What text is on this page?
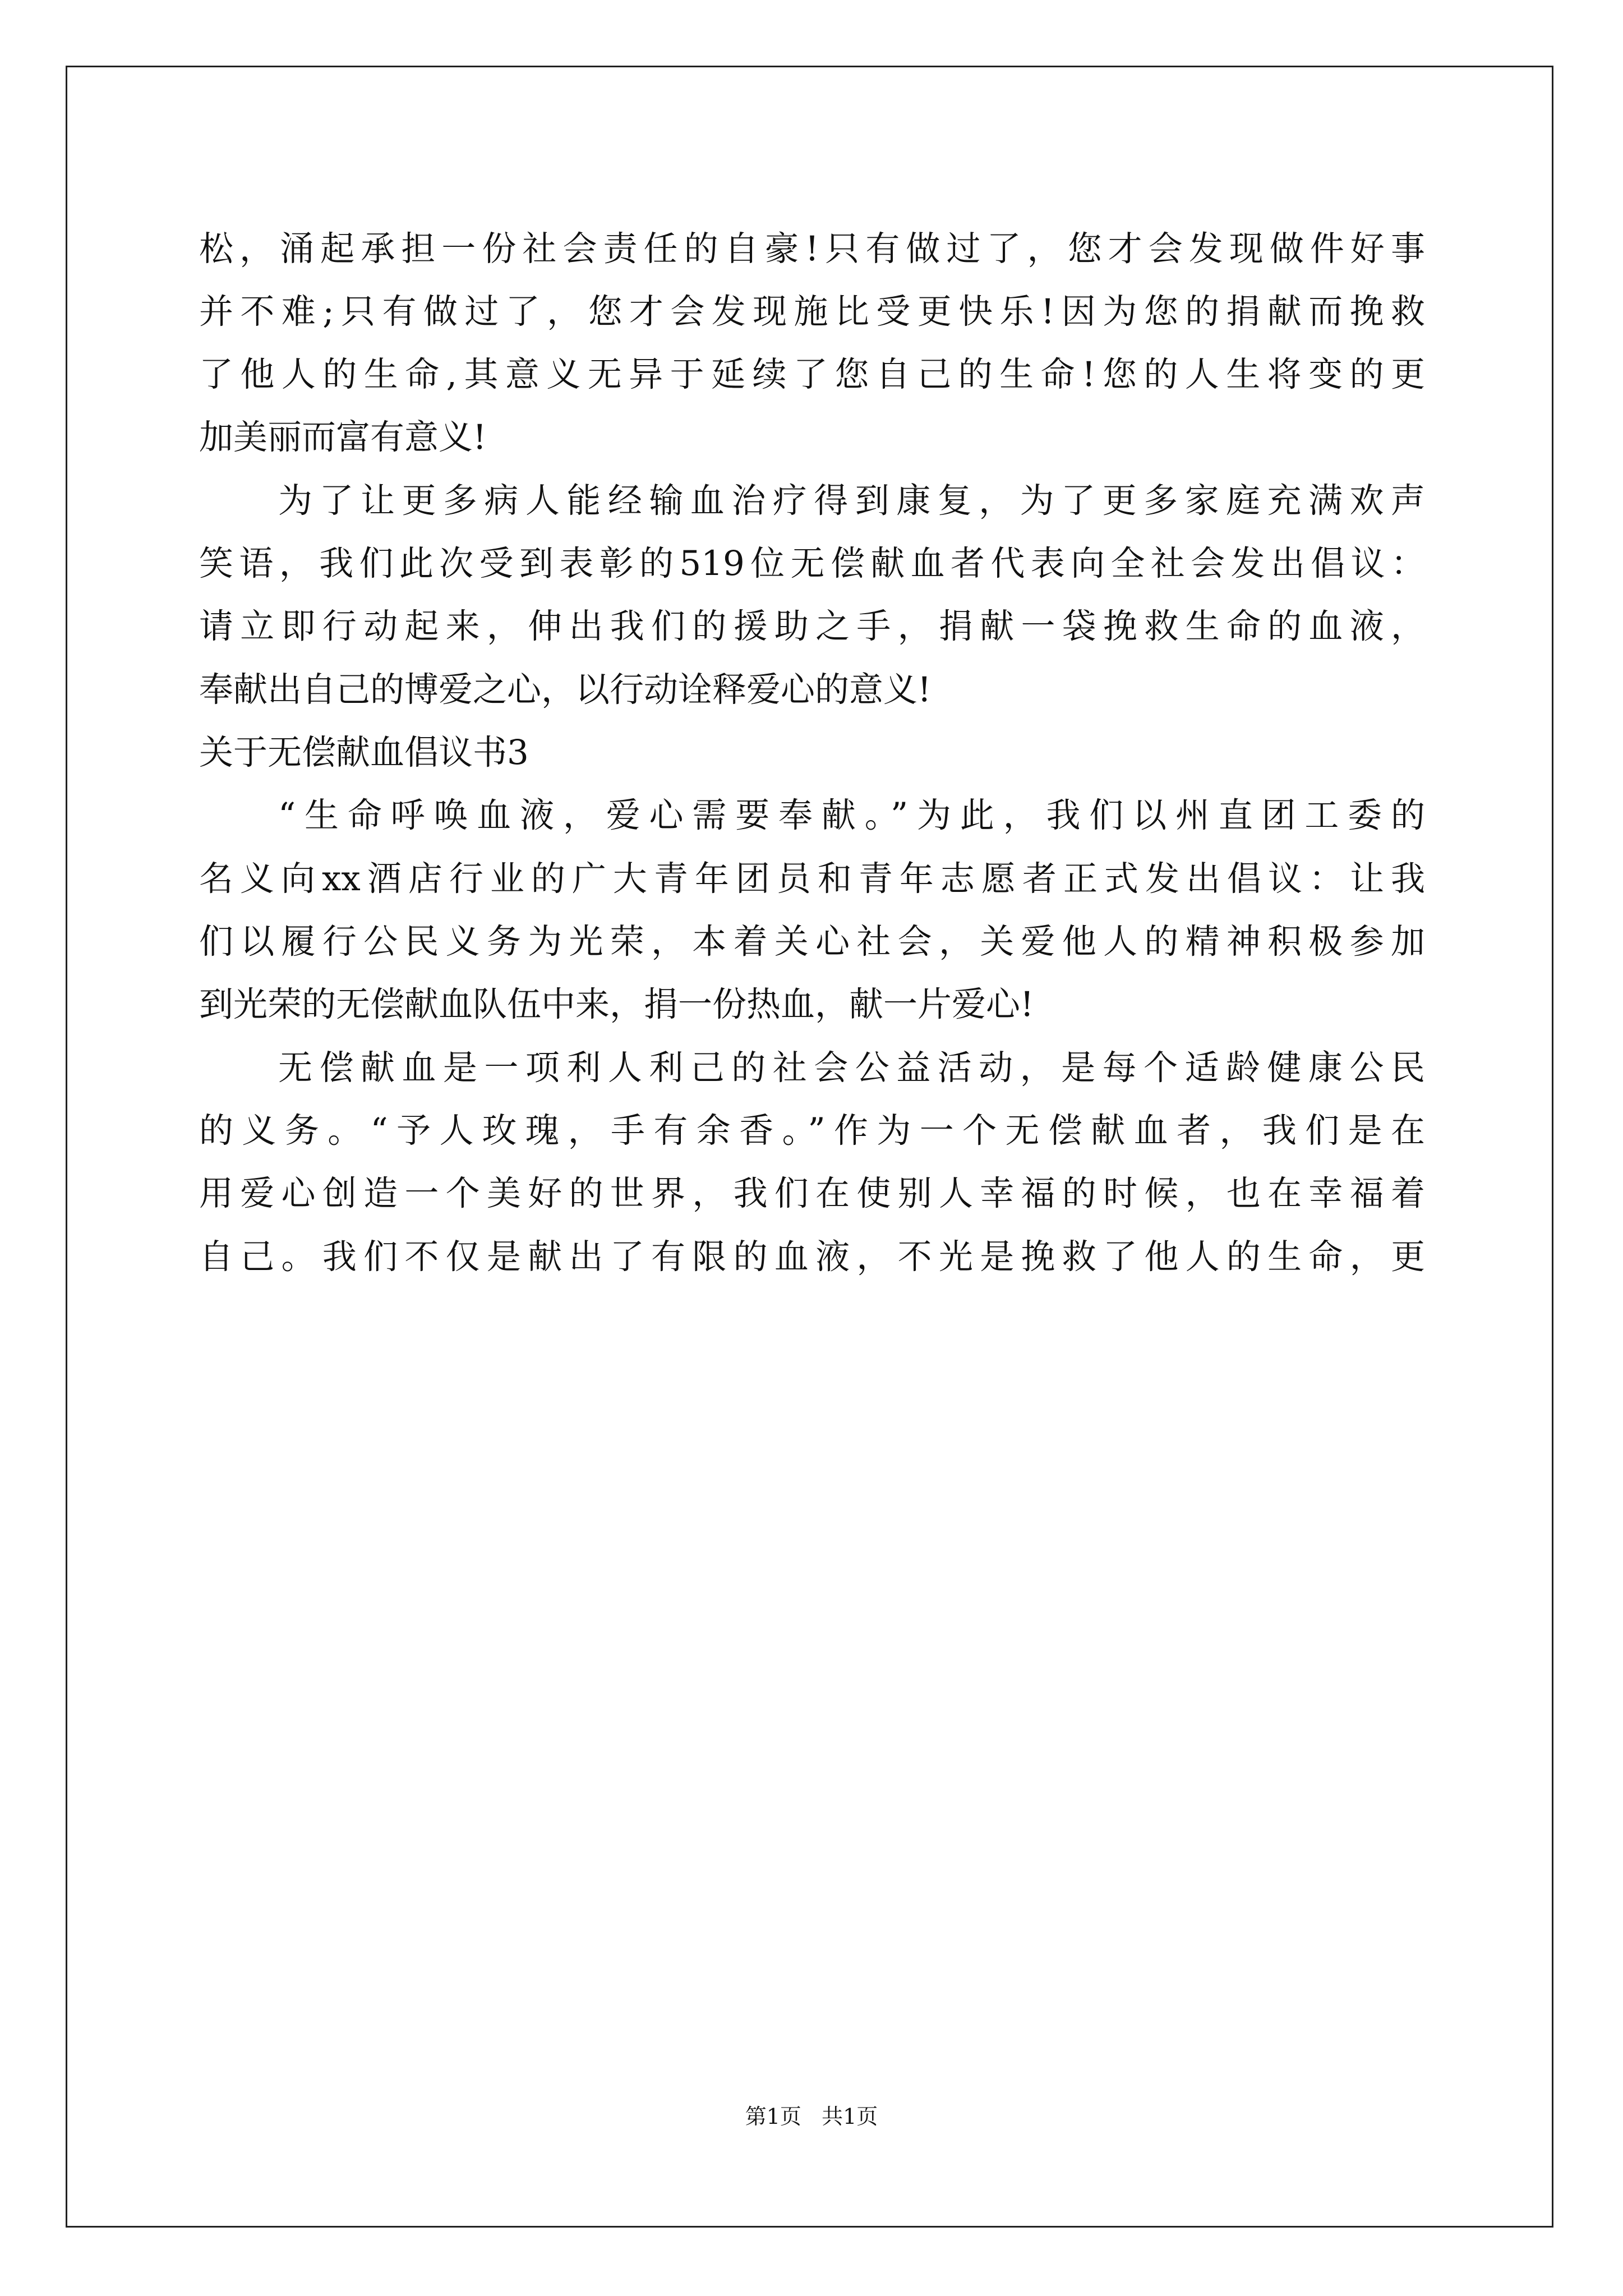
松，涌起承担一份社会责任的自豪!只有做过了，您才会发现做件好事
并不难;只有做过了，您才会发现施比受更快乐!因为您的捐献而挽救
了他人的生命,其意义无异于延续了您自己的生命!您的人生将变的更
加美丽而富有意义!
为了让更多病人能经输血治疗得到康复，为了更多家庭充满欢声
笑语，我们此次受到表彰的519位无偿献血者代表向全社会发出倡议：
请立即行动起来，伸出我们的援助之手，捐献一袋挽救生命的血液，
奉献出自己的博爱之心，以行动诠释爱心的意义!
关于无偿献血倡议书3
“生命呼唤血液，爱心需要奉献。”为此，我们以州直团工委的
名义向xx酒店行业的广大青年团员和青年志愿者正式发出倡议：让我
们以履行公民义务为光荣，本着关心社会，关爱他人的精神积极参加
到光荣的无偿献血队伍中来，捐一份热血，献一片爱心!
无偿献血是一项利人利己的社会公益活动，是每个适龄健康公民
的义务。“予人玫瑰，手有余香。”作为一个无偿献血者，我们是在
用爱心创造一个美好的世界，我们在使别人幸福的时候，也在幸福着
自己。我们不仅是献出了有限的血液，不光是挽救了他人的生命，更
第1页   共1页
